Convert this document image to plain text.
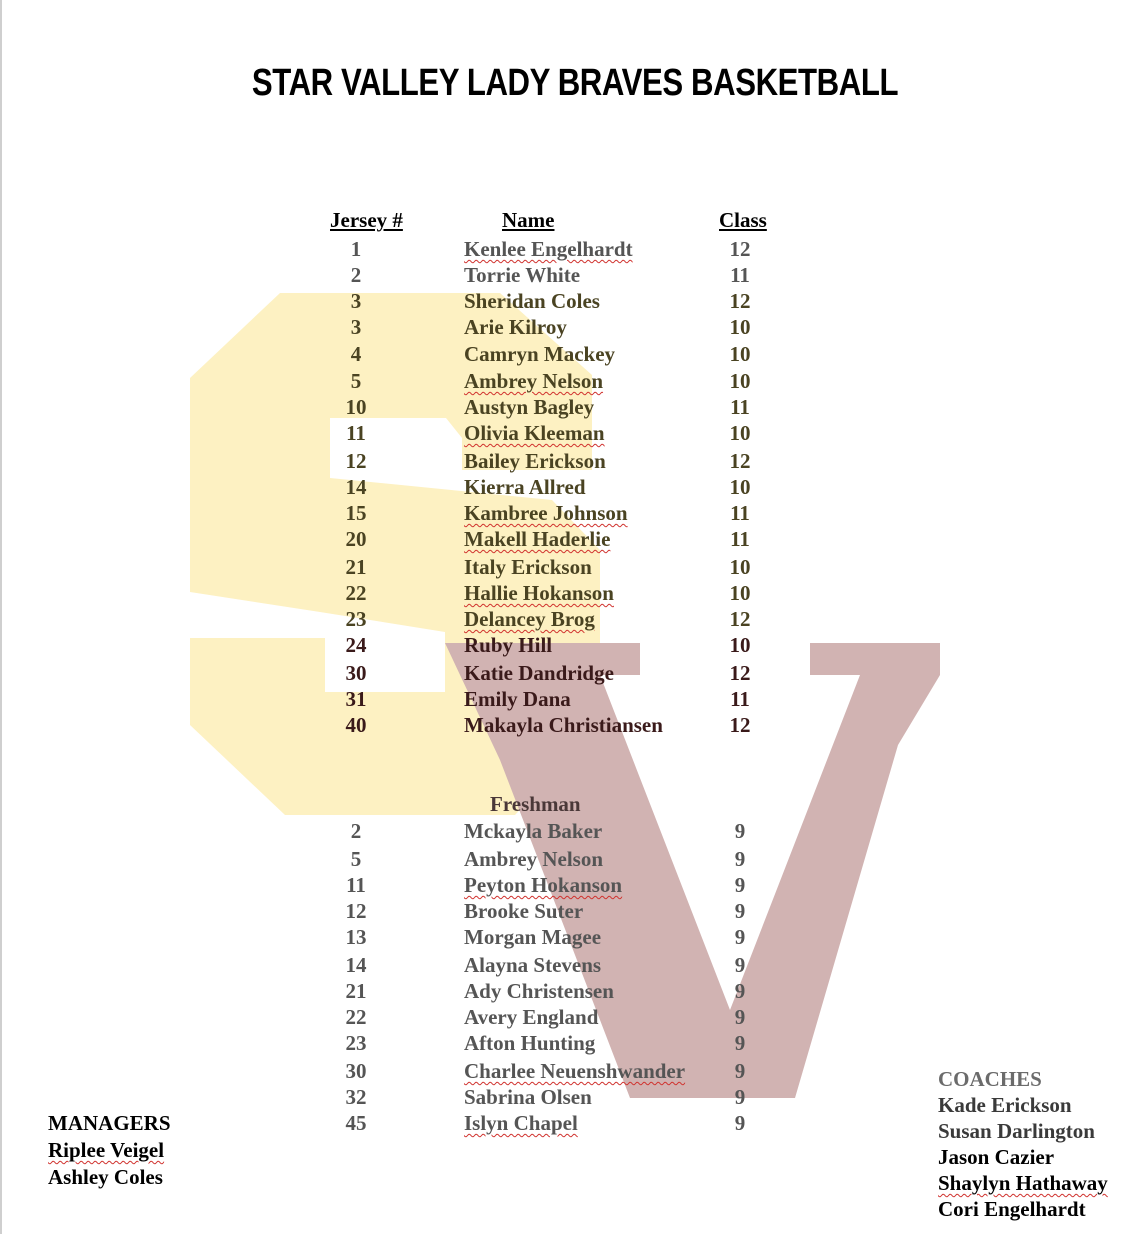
STAR VALLEY LADY BRAVES BASKETBALL
Jersey #	Name	Class
1	Kenlee Engelhardt	12
2	Torrie White	11
3	Sheridan Coles	12
3	Arie Kilroy	10
4	Camryn Mackey	10
5	Ambrey Nelson	10
10	Austyn Bagley	11
11	Olivia Kleeman	10
12	Bailey Erickson	12
14	Kierra Allred	10
15	Kambree Johnson	11
20	Makell Haderlie	11
21	Italy Erickson	10
22	Hallie Hokanson	10
23	Delancey Brog	12
24	Ruby Hill	10
30	Katie Dandridge	12
31	Emily Dana	11
40	Makayla Christiansen	12
Freshman
2	Mckayla Baker	9
5	Ambrey Nelson	9
11	Peyton Hokanson	9
12	Brooke Suter	9
13	Morgan Magee	9
14	Alayna Stevens	9
21	Ady Christensen	9
22	Avery England	9
23	Afton Hunting	9
30	Charlee Neuenshwander	9
32	Sabrina Olsen	9
45	Islyn Chapel	9
MANAGERS
Riplee Veigel
Ashley Coles
COACHES
Kade Erickson
Susan Darlington
Jason Cazier
Shaylyn Hathaway
Cori Engelhardt
